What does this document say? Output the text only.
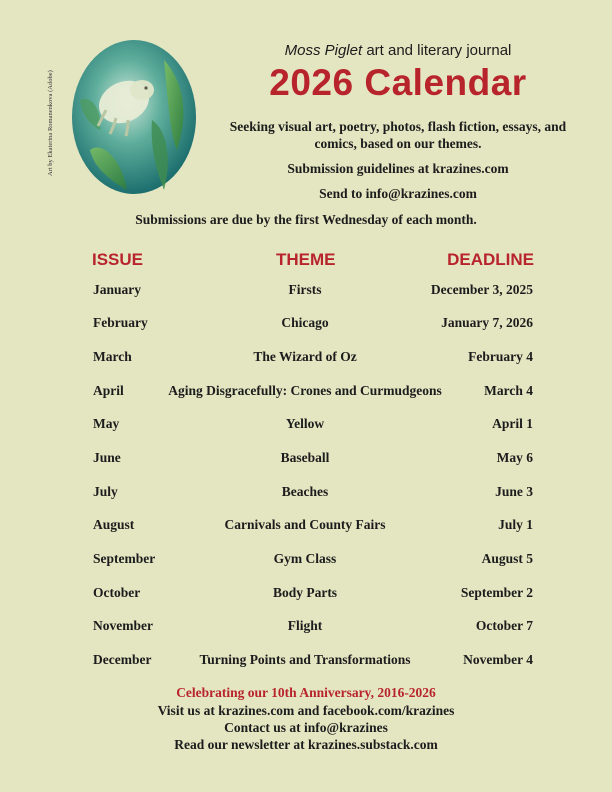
Art by Ekaterina Romanenkova (Adobe)
Moss Piglet art and literary journal
2026 Calendar
Seeking visual art, poetry, photos, flash fiction, essays, and comics, based on our themes.
Submission guidelines at krazines.com
Send to info@krazines.com
Submissions are due by the first Wednesday of each month.
ISSUE	THEME	DEADLINE
January	Firsts	December 3, 2025
February	Chicago	January 7, 2026
March	The Wizard of Oz	February 4
April	Aging Disgracefully: Crones and Curmudgeons	March 4
May	Yellow	April 1
June	Baseball	May 6
July	Beaches	June 3
August	Carnivals and County Fairs	July 1
September	Gym Class	August 5
October	Body Parts	September 2
November	Flight	October 7
December	Turning Points and Transformations	November 4
Celebrating our 10th Anniversary, 2016-2026
Visit us at krazines.com and facebook.com/krazines
Contact us at info@krazines
Read our newsletter at krazines.substack.com
